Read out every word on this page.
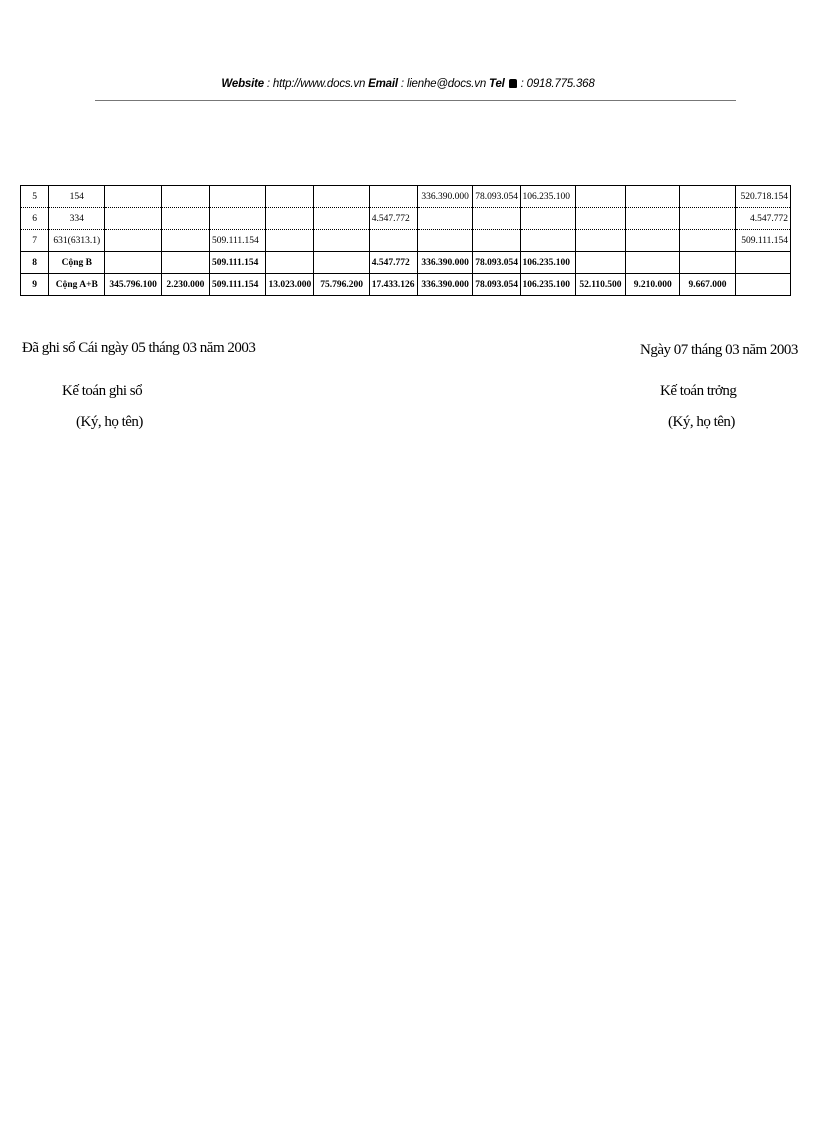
Website : http://www.docs.vn Email : lienhe@docs.vn Tel  : 0918.775.368
5	154							336.390.000	78.093.054	106.235.100				520.718.154
6	334						4.547.772							4.547.772
7	631(6313.1)			509.111.154										509.111.154
8	Cộng B			509.111.154			4.547.772	336.390.000	78.093.054	106.235.100				
9	Cộng A+B	345.796.100	2.230.000	509.111.154	13.023.000	75.796.200	17.433.126	336.390.000	78.093.054	106.235.100	52.110.500	9.210.000	9.667.000	
Đã ghi sổ Cái ngày 05 tháng 03 năm 2003
Kế toán ghi sổ
(Ký, họ tên)
Ngày 07 tháng 03 năm 2003
Kế toán trởng
(Ký, họ tên)
